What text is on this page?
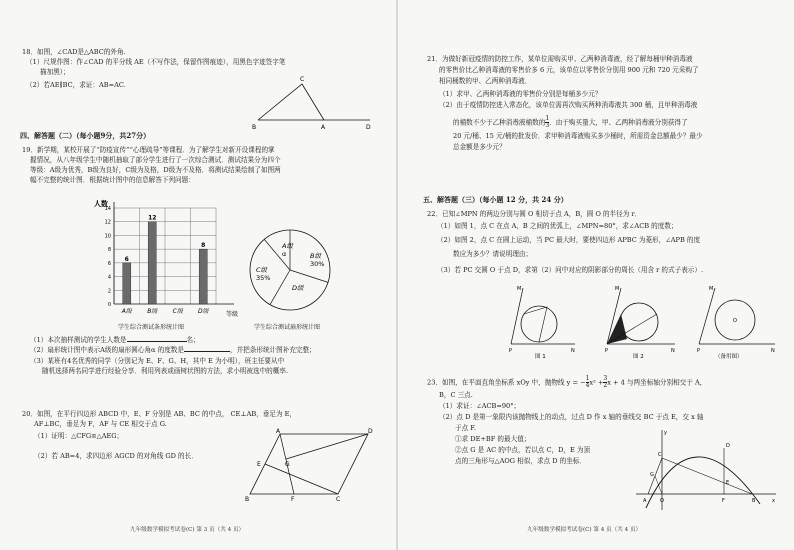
18．如图，∠CAD是△ABC的外角.
（1）尺规作图：作∠CAD 的平分线 AE（不写作法，保留作图痕迹），用黑色字迹签字笔
描加黑）；
（2）若AE∥BC，求证：AB=AC.
C
B	A	D
四、解答题（二）（每小题9分，共27分）
19．新学期，某校开展了“防疫宣传”“心理疏导”等课程．为了解学生对新开设课程的掌
握情况，从八年级学生中随机抽取了部分学生进行了一次综合测试．测试结果分为四个
等级：A级为优秀，B级为良好，C级为及格，D级为不及格．将测试结果绘制了如图两
幅不完整的统计图．根据统计图中的信息解答下列问题：
人数
等级
0
2
4
6
8
10
12
14
6
A级
12
B级	C级
8
D级
A级
α	B级
30%
C级
35%
D级
学生综合测试条形统计图	学生综合测试扇形统计图
（1）本次抽样测试的学生人数是	名；
（2）扇形统计图中表示A级的扇形圆心角α 的度数是	，并把条形统计图补充完整；
（3）某班有4名优秀的同学（分别记为 E、F、G、H，其中 E 为小明），班主任要从中
随机选择两名同学进行经验分享．利用列表或画树状图的方法，求小明被选中的概率.
20．如图，在平行四边形 ABCD 中，E、F 分别是 AB、BC 的中点， CE⊥AB，垂足为 E，
AF⊥BC，垂足为 F，AF 与 CE 相交于点 G.
（1）证明：△CFG≌△AEG；
（2）若 AB=4，求四边形 AGCD 的对角线 GD 的长．
A	D
E	G
B	F	C
九年级数学模拟考试卷(C) 第 3 页（共 4 页）
21．为做好新冠疫情的防控工作，某单位需购买甲、乙两种消毒液，经了解每桶甲种消毒液
的零售价比乙种消毒液的零售价多 6 元，该单位以零售价分别用 900 元和 720 元采购了
相同桶数的甲、乙两种消毒液．
（1）求甲、乙两种消毒液的零售价分别是每桶多少元？
（2）由于疫情防控进入常态化，该单位需再次购买两种消毒液共 300 桶，且甲种消毒液
的桶数不少于乙种消毒液桶数的 $\frac{1}{3}$ ．由于购买量大，甲、乙两种消毒液分别获得了
20 元/桶、15 元/桶的批发价．求甲种消毒液购买多少桶时，所需资金总额最少？最少
总金额是多少元？
五、解答题（三）（每小题 12 分，共 24 分）
22．已知∠MPN 的两边分别与圆 O 相切于点 A，B，圆 O 的半径为 r．
（1）如图 1，点 C 在点 A，B 之间的优弧上，∠MPN=80°，求∠ACB 的度数；
（2）如图 2，点 C 在圆上运动，当 PC 最大时，要使四边形 APBC 为菱形，∠APB 的度
数应为多少？请说明理由；
（3）若 PC 交圆 O 于点 D，求第（2）问中对应的阴影部分的周长（用含 r 的式子表示）.
M
P	N
图 1
M
P	N
图 2
O
M
P	N
（备用图）
23．如图，在平面直角坐标系 xOy 中，抛物线 y = − $\frac{1}{4} x^2 + \frac{3}{2}$ x + 4 与两坐标轴分别相交于 A，
B，C 三点.
（1）求证：∠ACB=90°；
（2）点 D 是第一象限内该抛物线上的动点，过点 D 作 x 轴的垂线交 BC 于点 E，交 x 轴
于点 F.
①求 DE+BF 的最大值；
②点 G 是 AC 的中点，若以点 C，D，E 为顶
点的三角形与△AOG 相似，求点 D 的坐标．
x
y
C
A	O	B
D
E
F
G
九年级数学模拟考试卷(C) 第 4 页（共 4 页）
